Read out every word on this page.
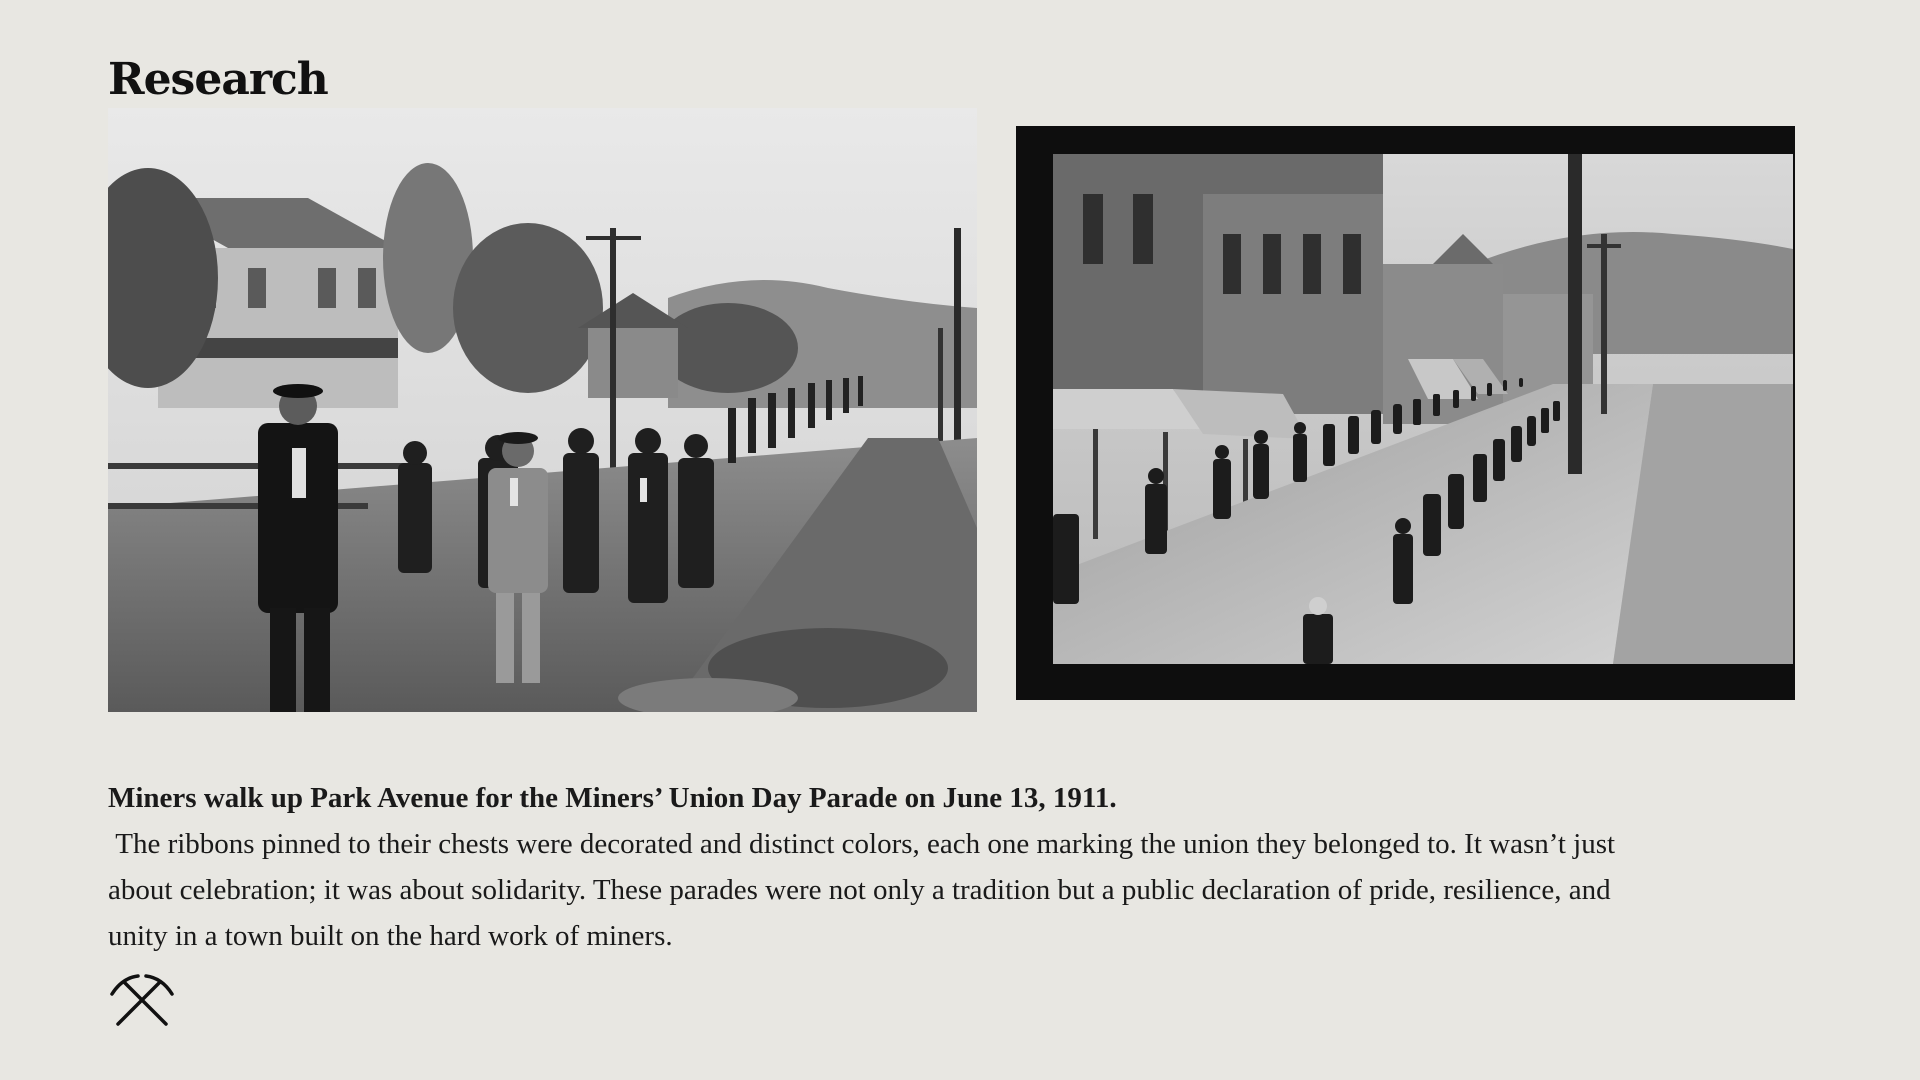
Research
Miners walk up Park Avenue for the Miners’ Union Day Parade on June 13, 1911.
The ribbons pinned to their chests were decorated and distinct colors, each one marking the union they belonged to. It wasn’t just about celebration; it was about solidarity. These parades were not only a tradition but a public declaration of pride, resilience, and unity in a town built on the hard work of miners.
